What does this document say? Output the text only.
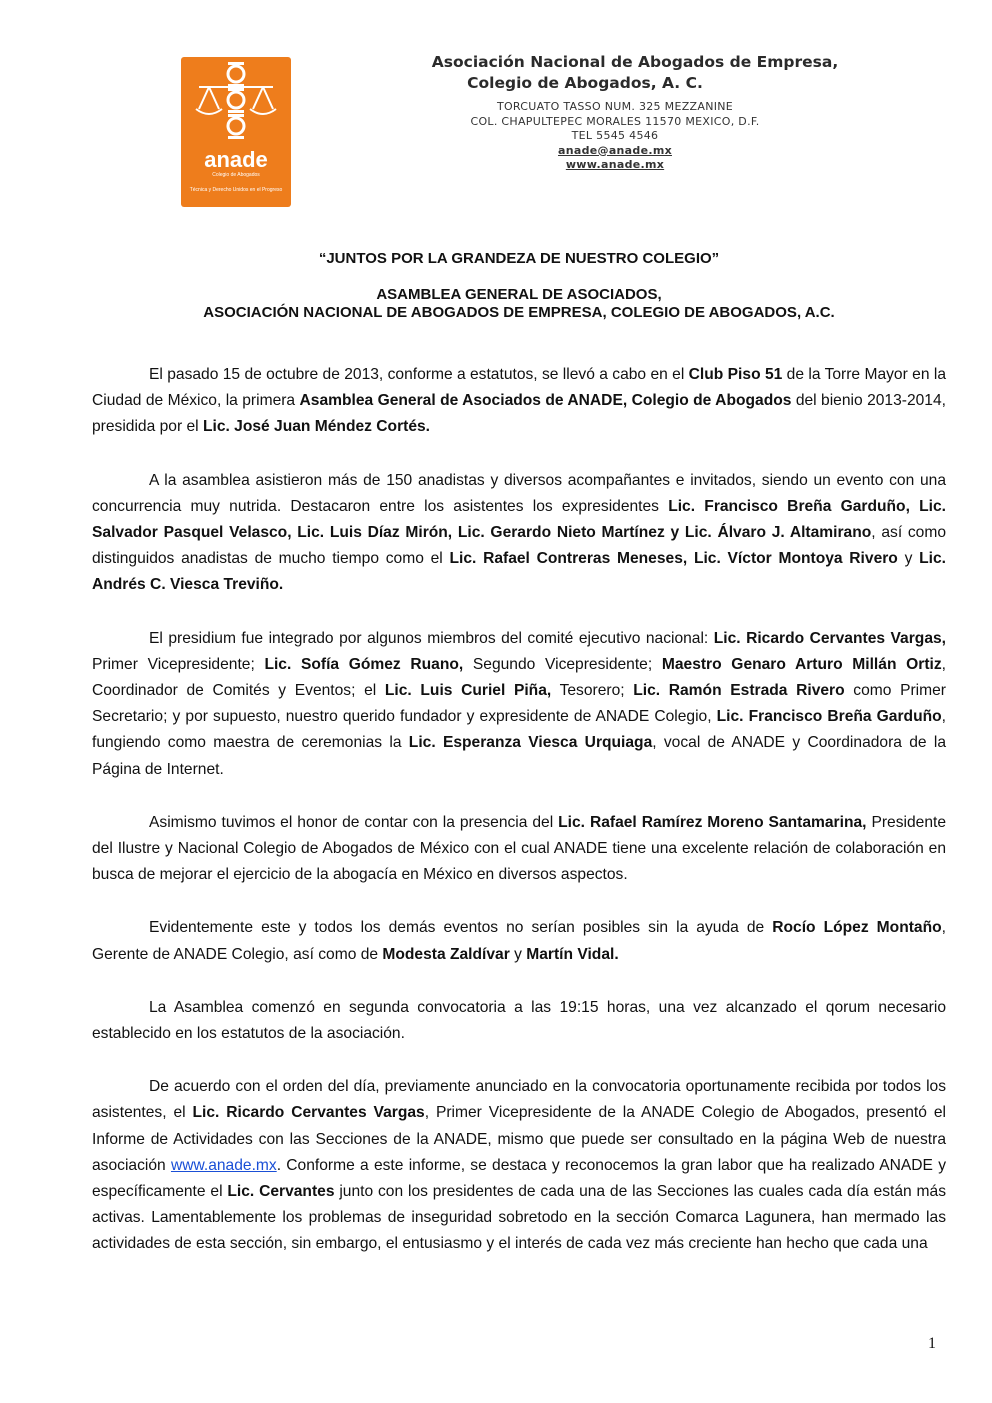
anade
Colegio de Abogados
Técnica y Derecho Unidos en el Progreso
Asociación Nacional de Abogados de Empresa,
Colegio de Abogados, A. C.
TORCUATO TASSO NUM. 325 MEZZANINE
COL. CHAPULTEPEC MORALES 11570 MEXICO, D.F.
TEL 5545 4546
anade@anade.mx
www.anade.mx
“JUNTOS POR LA GRANDEZA DE NUESTRO COLEGIO”
ASAMBLEA GENERAL DE ASOCIADOS,
ASOCIACIÓN NACIONAL DE ABOGADOS DE EMPRESA, COLEGIO DE ABOGADOS, A.C.

El pasado 15 de octubre de 2013, conforme a estatutos, se llevó a cabo en el Club Piso 51 de la Torre Mayor en la Ciudad de México, la primera Asamblea General de Asociados de ANADE, Colegio de Abogados del bienio 2013-2014, presidida por el Lic. José Juan Méndez Cortés.

A la asamblea asistieron más de 150 anadistas y diversos acompañantes e invitados, siendo un evento con una concurrencia muy nutrida. Destacaron entre los asistentes los expresidentes Lic. Francisco Breña Garduño, Lic. Salvador Pasquel Velasco, Lic. Luis Díaz Mirón, Lic. Gerardo Nieto Martínez y Lic. Álvaro J. Altamirano, así como distinguidos anadistas de mucho tiempo como el Lic. Rafael Contreras Meneses, Lic. Víctor Montoya Rivero y Lic. Andrés C. Viesca Treviño.

El presidium fue integrado por algunos miembros del comité ejecutivo nacional: Lic. Ricardo Cervantes Vargas, Primer Vicepresidente; Lic. Sofía Gómez Ruano, Segundo Vicepresidente; Maestro Genaro Arturo Millán Ortiz, Coordinador de Comités y Eventos; el Lic. Luis Curiel Piña, Tesorero; Lic. Ramón Estrada Rivero como Primer Secretario; y por supuesto, nuestro querido fundador y expresidente de ANADE Colegio, Lic. Francisco Breña Garduño, fungiendo como maestra de ceremonias la Lic. Esperanza Viesca Urquiaga, vocal de ANADE y Coordinadora de la Página de Internet.

Asimismo tuvimos el honor de contar con la presencia del Lic. Rafael Ramírez Moreno Santamarina, Presidente del Ilustre y Nacional Colegio de Abogados de México con el cual ANADE tiene una excelente relación de colaboración en busca de mejorar el ejercicio de la abogacía en México en diversos aspectos.

Evidentemente este y todos los demás eventos no serían posibles sin la ayuda de Rocío López Montaño, Gerente de ANADE Colegio, así como de Modesta Zaldívar y Martín Vidal.

La Asamblea comenzó en segunda convocatoria a las 19:15 horas, una vez alcanzado el qorum necesario establecido en los estatutos de la asociación.

De acuerdo con el orden del día, previamente anunciado en la convocatoria oportunamente recibida por todos los asistentes, el Lic. Ricardo Cervantes Vargas, Primer Vicepresidente de la ANADE Colegio de Abogados, presentó el Informe de Actividades con las Secciones de la ANADE, mismo que puede ser consultado en la página Web de nuestra asociación www.anade.mx. Conforme a este informe, se destaca y reconocemos la gran labor que ha realizado ANADE y específicamente el Lic. Cervantes junto con los presidentes de cada una de las Secciones las cuales cada día están más activas. Lamentablemente los problemas de inseguridad sobretodo en la sección Comarca Lagunera, han mermado las actividades de esta sección, sin embargo, el entusiasmo y el interés de cada vez más creciente han hecho que cada una

1
